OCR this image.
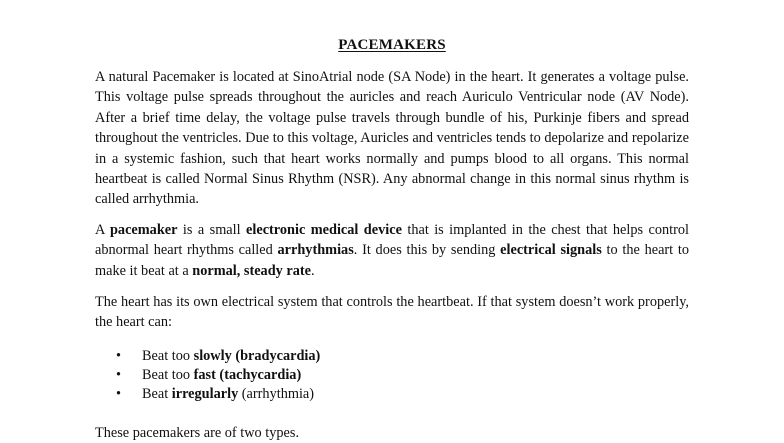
PACEMAKERS

A natural Pacemaker is located at SinoAtrial node (SA Node) in the heart. It generates a voltage pulse. This voltage pulse spreads throughout the auricles and reach Auriculo Ventricular node (AV Node). After a brief time delay, the voltage pulse travels through bundle of his, Purkinje fibers and spread throughout the ventricles. Due to this voltage, Auricles and ventricles tends to depolarize and repolarize in a systemic fashion, such that heart works normally and pumps blood to all organs. This normal heartbeat is called Normal Sinus Rhythm (NSR). Any abnormal change in this normal sinus rhythm is called arrhythmia.

A pacemaker is a small electronic medical device that is implanted in the chest that helps control abnormal heart rhythms called arrhythmias. It does this by sending electrical signals to the heart to make it beat at a normal, steady rate.

The heart has its own electrical system that controls the heartbeat. If that system doesn’t work properly, the heart can:

• Beat too slowly (bradycardia)
• Beat too fast (tachycardia)
• Beat irregularly (arrhythmia)

These pacemakers are of two types.
